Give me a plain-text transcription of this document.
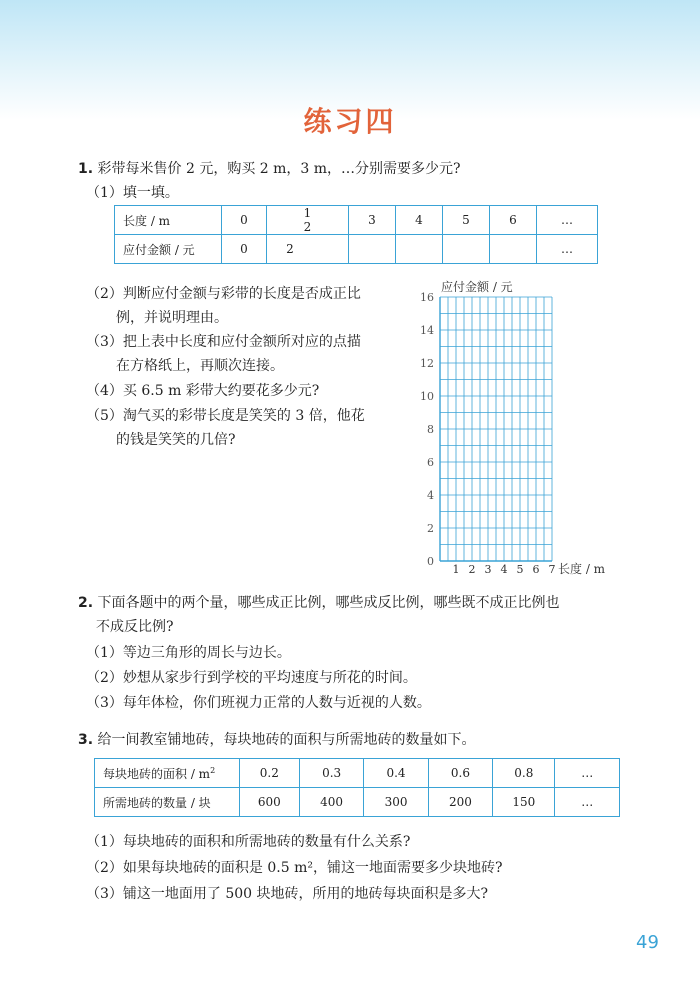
练习四
1. 彩带每米售价 2 元，购买 2 m，3 m，…分别需要多少元?
（1）填一填。
长度 / m	0	12	3	4	5	6	…
应付金额 / 元	0	2					…
（2）判断应付金额与彩带的长度是否成正比
例，并说明理由。
（3）把上表中长度和应付金额所对应的点描
在方格纸上，再顺次连接。
（4）买 6.5 m 彩带大约要花多少元?
（5）淘气买的彩带长度是笑笑的 3 倍，他花
的钱是笑笑的几倍?
2
4
6
8
10
12
14
16
0
1 2 3 4 5 6 7
应付金额 / 元
长度 / m
2. 下面各题中的两个量，哪些成正比例，哪些成反比例，哪些既不成正比例也
不成反比例?
（1）等边三角形的周长与边长。
（2）妙想从家步行到学校的平均速度与所花的时间。
（3）每年体检，你们班视力正常的人数与近视的人数。
3. 给一间教室铺地砖，每块地砖的面积与所需地砖的数量如下。
每块地砖的面积 / $m^2$	0.2	0.3	0.4	0.6	0.8	…
所需地砖的数量 / 块	600	400	300	200	150	…
（1）每块地砖的面积和所需地砖的数量有什么关系?
（2）如果每块地砖的面积是 0.5 m²，铺这一地面需要多少块地砖?
（3）铺这一地面用了 500 块地砖，所用的地砖每块面积是多大?
49
